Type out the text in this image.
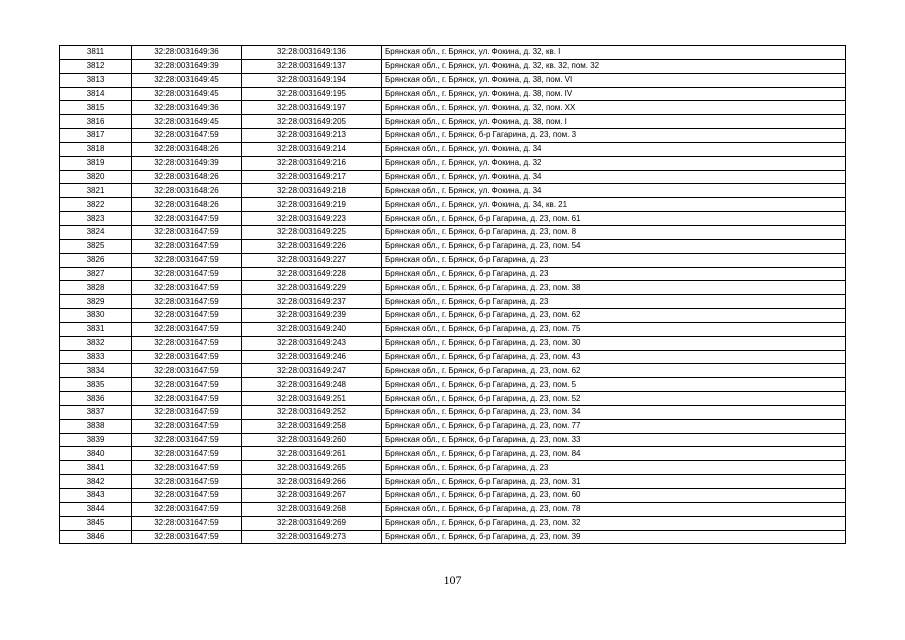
3811	32:28:0031649:36	32:28:0031649:136	Брянская обл., г. Брянск, ул. Фокина, д. 32, кв. I
3812	32:28:0031649:39	32:28:0031649:137	Брянская обл., г. Брянск, ул. Фокина, д. 32, кв. 32, пом. 32
3813	32:28:0031649:45	32:28:0031649:194	Брянская обл., г. Брянск, ул. Фокина, д. 38, пом. VI
3814	32:28:0031649:45	32:28:0031649:195	Брянская обл., г. Брянск, ул. Фокина, д. 38, пом. IV
3815	32:28:0031649:36	32:28:0031649:197	Брянская обл., г. Брянск, ул. Фокина, д. 32, пом. XX
3816	32:28:0031649:45	32:28:0031649:205	Брянская обл., г. Брянск, ул. Фокина, д. 38, пом. I
3817	32:28:0031647:59	32:28:0031649:213	Брянская обл., г. Брянск, б-р Гагарина, д. 23, пом. 3
3818	32:28:0031648:26	32:28:0031649:214	Брянская обл., г. Брянск, ул. Фокина, д. 34
3819	32:28:0031649:39	32:28:0031649:216	Брянская обл., г. Брянск, ул. Фокина, д. 32
3820	32:28:0031648:26	32:28:0031649:217	Брянская обл., г. Брянск, ул. Фокина, д. 34
3821	32:28:0031648:26	32:28:0031649:218	Брянская обл., г. Брянск, ул. Фокина, д. 34
3822	32:28:0031648:26	32:28:0031649:219	Брянская обл., г. Брянск, ул. Фокина, д. 34, кв. 21
3823	32:28:0031647:59	32:28:0031649:223	Брянская обл., г. Брянск, б-р Гагарина, д. 23, пом. 61
3824	32:28:0031647:59	32:28:0031649:225	Брянская обл., г. Брянск, б-р Гагарина, д. 23, пом. 8
3825	32:28:0031647:59	32:28:0031649:226	Брянская обл., г. Брянск, б-р Гагарина, д. 23, пом. 54
3826	32:28:0031647:59	32:28:0031649:227	Брянская обл., г. Брянск, б-р Гагарина, д. 23
3827	32:28:0031647:59	32:28:0031649:228	Брянская обл., г. Брянск, б-р Гагарина, д. 23
3828	32:28:0031647:59	32:28:0031649:229	Брянская обл., г. Брянск, б-р Гагарина, д. 23, пом. 38
3829	32:28:0031647:59	32:28:0031649:237	Брянская обл., г. Брянск, б-р Гагарина, д. 23
3830	32:28:0031647:59	32:28:0031649:239	Брянская обл., г. Брянск, б-р Гагарина, д. 23, пом. 62
3831	32:28:0031647:59	32:28:0031649:240	Брянская обл., г. Брянск, б-р Гагарина, д. 23, пом. 75
3832	32:28:0031647:59	32:28:0031649:243	Брянская обл., г. Брянск, б-р Гагарина, д. 23, пом. 30
3833	32:28:0031647:59	32:28:0031649:246	Брянская обл., г. Брянск, б-р Гагарина, д. 23, пом. 43
3834	32:28:0031647:59	32:28:0031649:247	Брянская обл., г. Брянск, б-р Гагарина, д. 23, пом. 62
3835	32:28:0031647:59	32:28:0031649:248	Брянская обл., г. Брянск, б-р Гагарина, д. 23, пом. 5
3836	32:28:0031647:59	32:28:0031649:251	Брянская обл., г. Брянск, б-р Гагарина, д. 23, пом. 52
3837	32:28:0031647:59	32:28:0031649:252	Брянская обл., г. Брянск, б-р Гагарина, д. 23, пом. 34
3838	32:28:0031647:59	32:28:0031649:258	Брянская обл., г. Брянск, б-р Гагарина, д. 23, пом. 77
3839	32:28:0031647:59	32:28:0031649:260	Брянская обл., г. Брянск, б-р Гагарина, д. 23, пом. 33
3840	32:28:0031647:59	32:28:0031649:261	Брянская обл., г. Брянск, б-р Гагарина, д. 23, пом. 84
3841	32:28:0031647:59	32:28:0031649:265	Брянская обл., г. Брянск, б-р Гагарина, д. 23
3842	32:28:0031647:59	32:28:0031649:266	Брянская обл., г. Брянск, б-р Гагарина, д. 23, пом. 31
3843	32:28:0031647:59	32:28:0031649:267	Брянская обл., г. Брянск, б-р Гагарина, д. 23, пом. 60
3844	32:28:0031647:59	32:28:0031649:268	Брянская обл., г. Брянск, б-р Гагарина, д. 23, пом. 78
3845	32:28:0031647:59	32:28:0031649:269	Брянская обл., г. Брянск, б-р Гагарина, д. 23, пом. 32
3846	32:28:0031647:59	32:28:0031649:273	Брянская обл., г. Брянск, б-р Гагарина, д. 23, пом. 39
107
